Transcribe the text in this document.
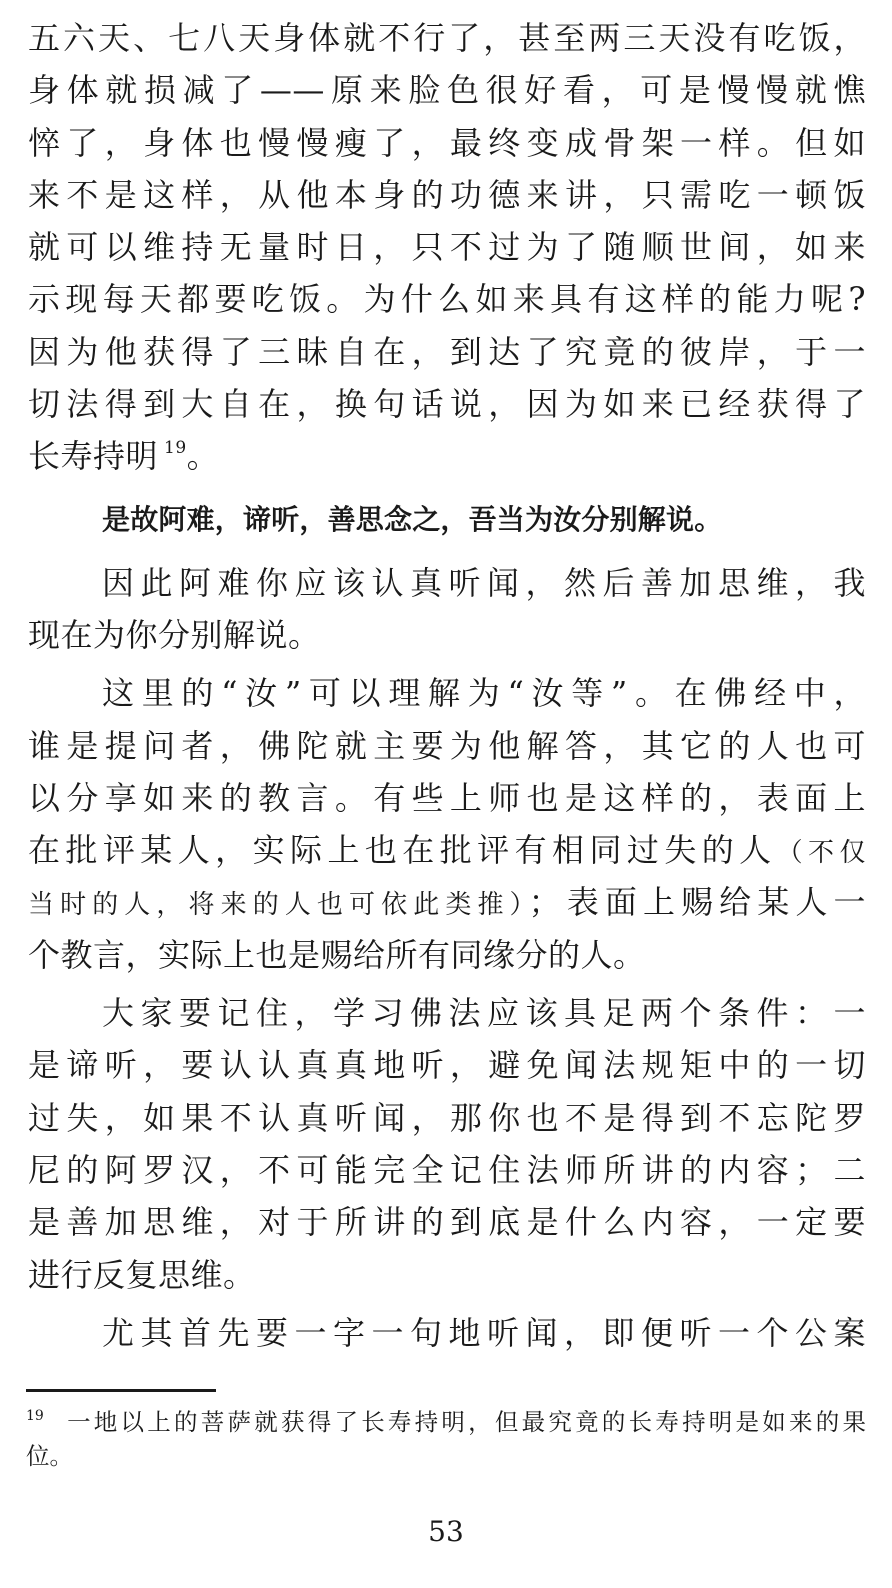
五六天、七八天身体就不行了，甚至两三天没有吃饭，
身体就损减了——原来脸色很好看，可是慢慢就憔
悴了，身体也慢慢瘦了，最终变成骨架一样。但如
来不是这样，从他本身的功德来讲，只需吃一顿饭
就可以维持无量时日，只不过为了随顺世间，如来
示现每天都要吃饭。为什么如来具有这样的能力呢?
因为他获得了三昧自在，到达了究竟的彼岸，于一
切法得到大自在，换句话说，因为如来已经获得了
长寿持明 $^{19}$。
是故阿难，谛听，善思念之，吾当为汝分别解说。
因此阿难你应该认真听闻，然后善加思维，我
现在为你分别解说。
这里的“汝”可以理解为“汝等”。在佛经中，
谁是提问者，佛陀就主要为他解答，其它的人也可
以分享如来的教言。有些上师也是这样的，表面上
在批评某人，实际上也在批评有相同过失的人（不仅
当时的人，将来的人也可依此类推）；表面上赐给某人一
个教言，实际上也是赐给所有同缘分的人。
大家要记住，学习佛法应该具足两个条件：一
是谛听，要认认真真地听，避免闻法规矩中的一切
过失，如果不认真听闻，那你也不是得到不忘陀罗
尼的阿罗汉，不可能完全记住法师所讲的内容；二
是善加思维，对于所讲的到底是什么内容，一定要
进行反复思维。
尤其首先要一字一句地听闻，即便听一个公案
$^{19}$ 一地以上的菩萨就获得了长寿持明，但最究竟的长寿持明是如来的果
位。
53
